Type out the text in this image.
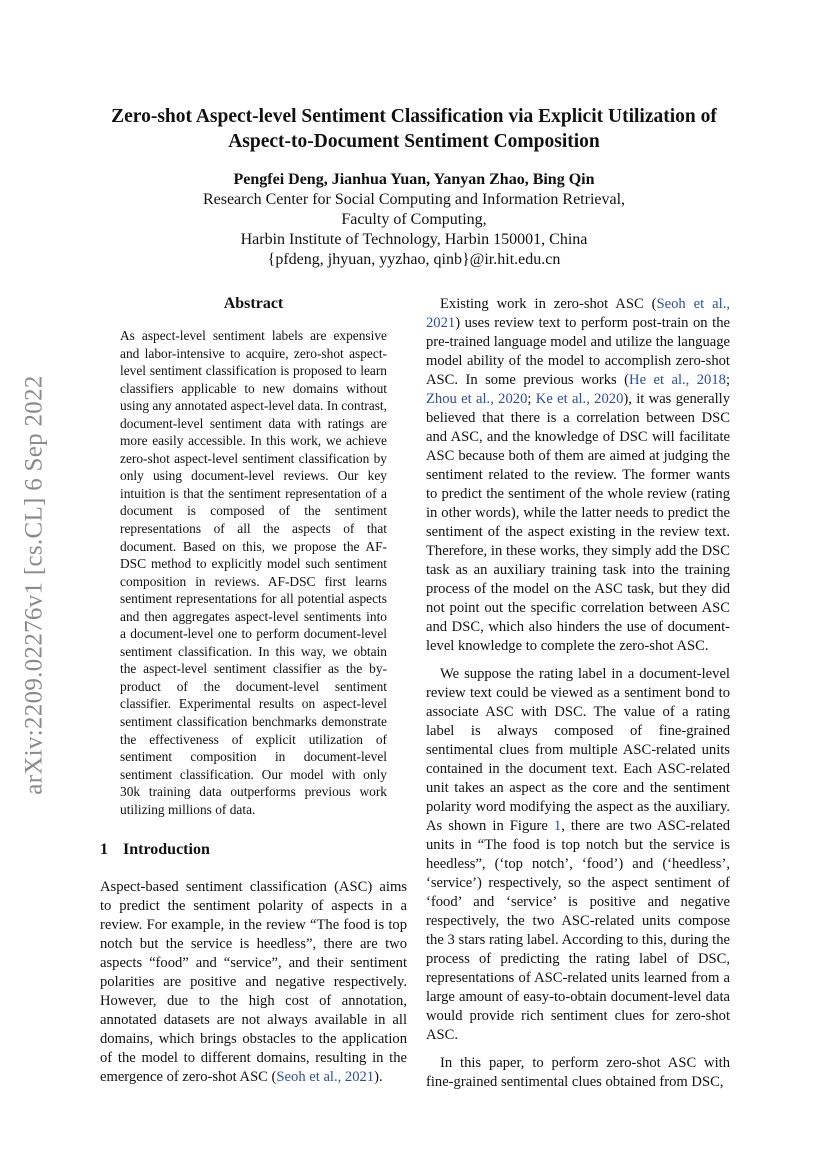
arXiv:2209.02276v1 [cs.CL] 6 Sep 2022
Zero-shot Aspect-level Sentiment Classification via Explicit Utilization of
Aspect-to-Document Sentiment Composition
Pengfei Deng, Jianhua Yuan, Yanyan Zhao, Bing Qin
Research Center for Social Computing and Information Retrieval,
Faculty of Computing,
Harbin Institute of Technology, Harbin 150001, China
{pfdeng, jhyuan, yyzhao, qinb}@ir.hit.edu.cn
Abstract

As aspect-level sentiment labels are expensive and labor-intensive to acquire, zero-shot aspect-level sentiment classification is proposed to learn classifiers applicable to new domains without using any annotated aspect-level data. In contrast, document-level sentiment data with ratings are more easily accessible. In this work, we achieve zero-shot aspect-level sentiment classification by only using document-level reviews. Our key intuition is that the sentiment representation of a document is composed of the sentiment representations of all the aspects of that document. Based on this, we propose the AF-DSC method to explicitly model such sentiment composition in reviews. AF-DSC first learns sentiment representations for all potential aspects and then aggregates aspect-level sentiments into a document-level one to perform document-level sentiment classification. In this way, we obtain the aspect-level sentiment classifier as the by-product of the document-level sentiment classifier. Experimental results on aspect-level sentiment classification benchmarks demonstrate the effectiveness of explicit utilization of sentiment composition in document-level sentiment classification. Our model with only 30k training data outperforms previous work utilizing millions of data.

1 Introduction

Aspect-based sentiment classification (ASC) aims to predict the sentiment polarity of aspects in a review. For example, in the review “The food is top notch but the service is heedless”, there are two aspects “food” and “service”, and their sentiment polarities are positive and negative respectively. However, due to the high cost of annotation, annotated datasets are not always available in all domains, which brings obstacles to the application of the model to different domains, resulting in the emergence of zero-shot ASC (Seoh et al., 2021).

Existing work in zero-shot ASC (Seoh et al., 2021) uses review text to perform post-train on the pre-trained language model and utilize the language model ability of the model to accomplish zero-shot ASC. In some previous works (He et al., 2018; Zhou et al., 2020; Ke et al., 2020), it was generally believed that there is a correlation between DSC and ASC, and the knowledge of DSC will facilitate ASC because both of them are aimed at judging the sentiment related to the review. The former wants to predict the sentiment of the whole review (rating in other words), while the latter needs to predict the sentiment of the aspect existing in the review text. Therefore, in these works, they simply add the DSC task as an auxiliary training task into the training process of the model on the ASC task, but they did not point out the specific correlation between ASC and DSC, which also hinders the use of document-level knowledge to complete the zero-shot ASC.

We suppose the rating label in a document-level review text could be viewed as a sentiment bond to associate ASC with DSC. The value of a rating label is always composed of fine-grained sentimental clues from multiple ASC-related units contained in the document text. Each ASC-related unit takes an aspect as the core and the sentiment polarity word modifying the aspect as the auxiliary. As shown in Figure 1, there are two ASC-related units in “The food is top notch but the service is heedless”, (‘top notch’, ‘food’) and (‘heedless’, ‘service’) respectively, so the aspect sentiment of ‘food’ and ‘service’ is positive and negative respectively, the two ASC-related units compose the 3 stars rating label. According to this, during the process of predicting the rating label of DSC, representations of ASC-related units learned from a large amount of easy-to-obtain document-level data would provide rich sentiment clues for zero-shot ASC.

In this paper, to perform zero-shot ASC with fine-grained sentimental clues obtained from DSC,
